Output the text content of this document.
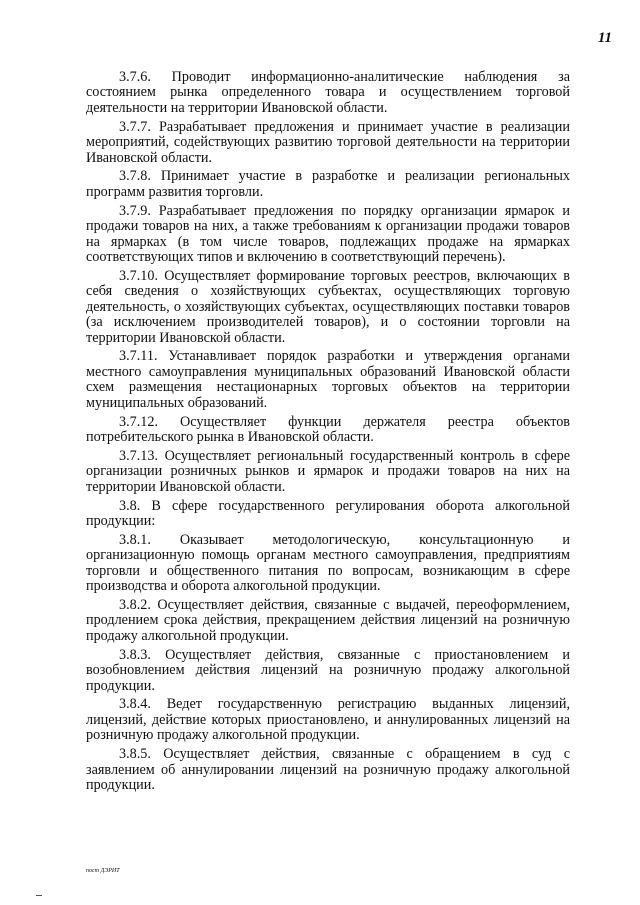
11

3.7.6. Проводит информационно-аналитические наблюдения за состоянием рынка определенного товара и осуществлением торговой деятельности на территории Ивановской области.

3.7.7. Разрабатывает предложения и принимает участие в реализации мероприятий, содействующих развитию торговой деятельности на территории Ивановской области.

3.7.8. Принимает участие в разработке и реализации региональных программ развития торговли.

3.7.9. Разрабатывает предложения по порядку организации ярмарок и продажи товаров на них, а также требованиям к организации продажи товаров на ярмарках (в том числе товаров, подлежащих продаже на ярмарках соответствующих типов и включению в соответствующий перечень).

3.7.10. Осуществляет формирование торговых реестров, включающих в себя сведения о хозяйствующих субъектах, осуществляющих торговую деятельность, о хозяйствующих субъектах, осуществляющих поставки товаров (за исключением производителей товаров), и о состоянии торговли на территории Ивановской области.

3.7.11. Устанавливает порядок разработки и утверждения органами местного самоуправления муниципальных образований Ивановской области схем размещения нестационарных торговых объектов на территории муниципальных образований.

3.7.12. Осуществляет функции держателя реестра объектов потребительского рынка в Ивановской области.

3.7.13. Осуществляет региональный государственный контроль в сфере организации розничных рынков и ярмарок и продажи товаров на них на территории Ивановской области.

3.8. В сфере государственного регулирования оборота алкогольной продукции:

3.8.1. Оказывает методологическую, консультационную и организационную помощь органам местного самоуправления, предприятиям торговли и общественного питания по вопросам, возникающим в сфере производства и оборота алкогольной продукции.

3.8.2. Осуществляет действия, связанные с выдачей, переоформлением, продлением срока действия, прекращением действия лицензий на розничную продажу алкогольной продукции.

3.8.3. Осуществляет действия, связанные с приостановлением и возобновлением действия лицензий на розничную продажу алкогольной продукции.

3.8.4. Ведет государственную регистрацию выданных лицензий, лицензий, действие которых приостановлено, и аннулированных лицензий на розничную продажу алкогольной продукции.

3.8.5. Осуществляет действия, связанные с обращением в суд с заявлением об аннулировании лицензий на розничную продажу алкогольной продукции.

пост ДЭРИТ
